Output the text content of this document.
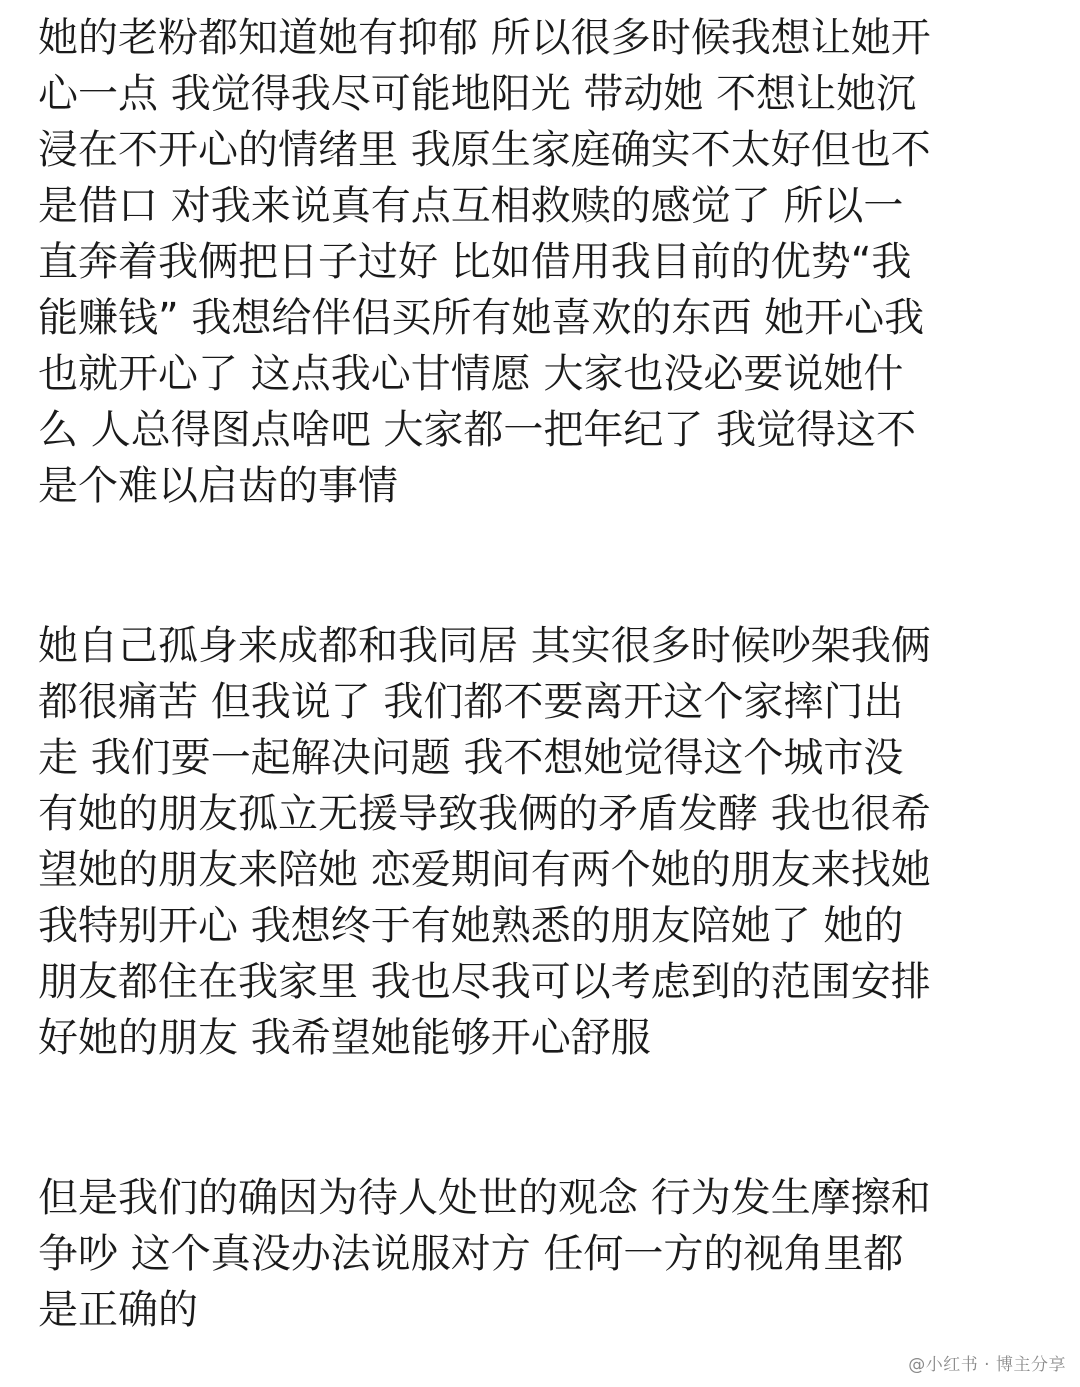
她的老粉都知道她有抑郁 所以很多时候我想让她开
心一点 我觉得我尽可能地阳光 带动她 不想让她沉
浸在不开心的情绪里 我原生家庭确实不太好但也不
是借口 对我来说真有点互相救赎的感觉了 所以一
直奔着我俩把日子过好 比如借用我目前的优势“我
能赚钱” 我想给伴侣买所有她喜欢的东西 她开心我
也就开心了 这点我心甘情愿 大家也没必要说她什
么 人总得图点啥吧 大家都一把年纪了 我觉得这不
是个难以启齿的事情
她自己孤身来成都和我同居 其实很多时候吵架我俩
都很痛苦 但我说了 我们都不要离开这个家摔门出
走 我们要一起解决问题 我不想她觉得这个城市没
有她的朋友孤立无援导致我俩的矛盾发酵 我也很希
望她的朋友来陪她 恋爱期间有两个她的朋友来找她
我特别开心 我想终于有她熟悉的朋友陪她了 她的
朋友都住在我家里 我也尽我可以考虑到的范围安排
好她的朋友 我希望她能够开心舒服
但是我们的确因为待人处世的观念 行为发生摩擦和
争吵 这个真没办法说服对方 任何一方的视角里都
是正确的
@小红书 · 博主分享
